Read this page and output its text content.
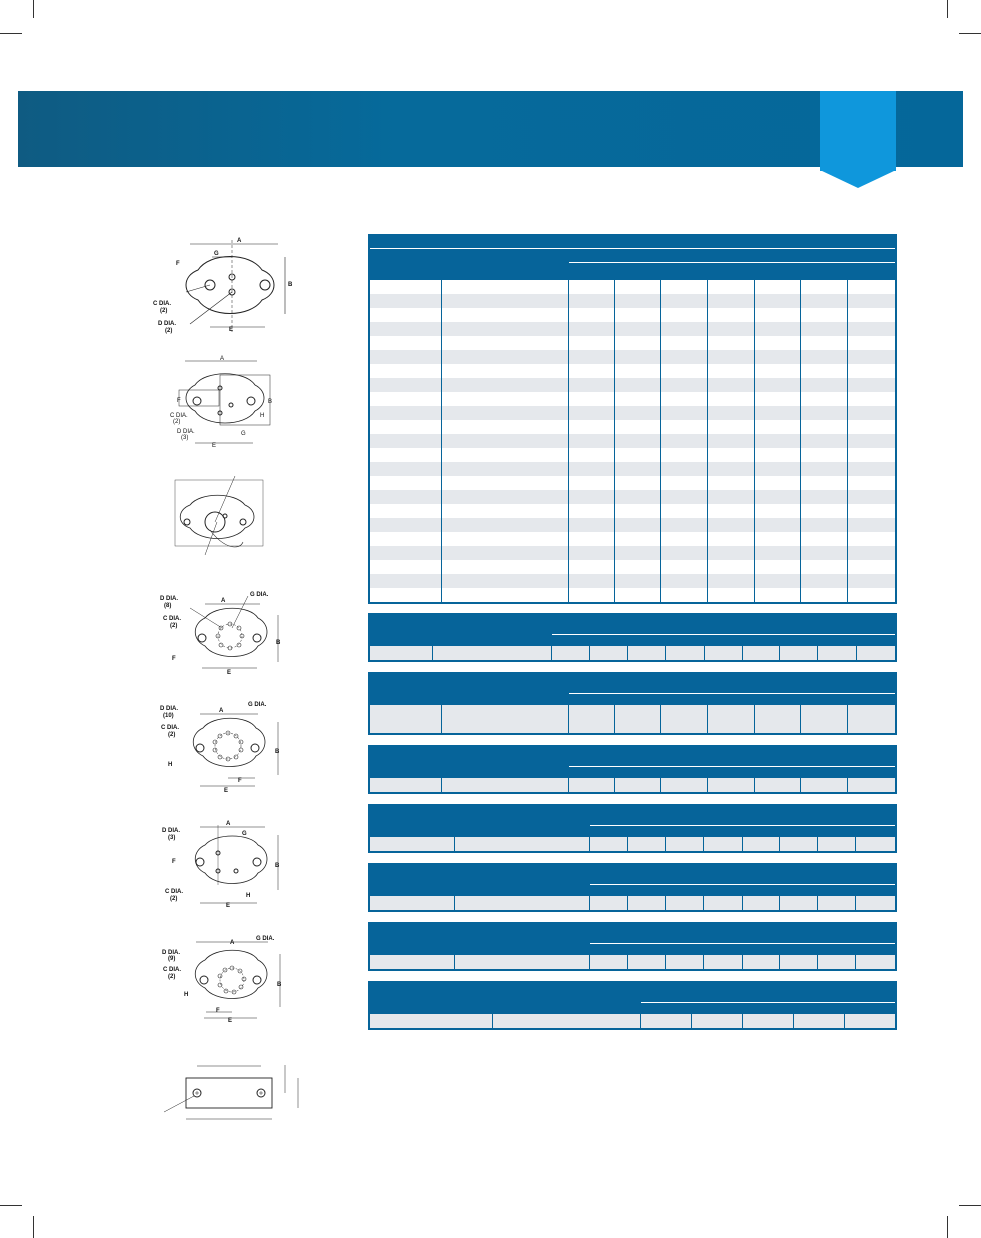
A
G
F
B
C DIA.
(2)
D DIA.
(2)	E
A
F	B
H
C DIA.
(2)
D DIA.
(3)
G
E
D DIA.
(8)
G DIA.
A
C DIA.
(2)
B
F
E
D DIA.
(10)
G DIA.
A
C DIA.
(2)
B
H
F
E
D DIA.
(3)
A
G
F
B
C DIA.
(2)	H
E
D DIA.
(9)
G DIA.
A
C DIA.
(2)
B
H
F
E
